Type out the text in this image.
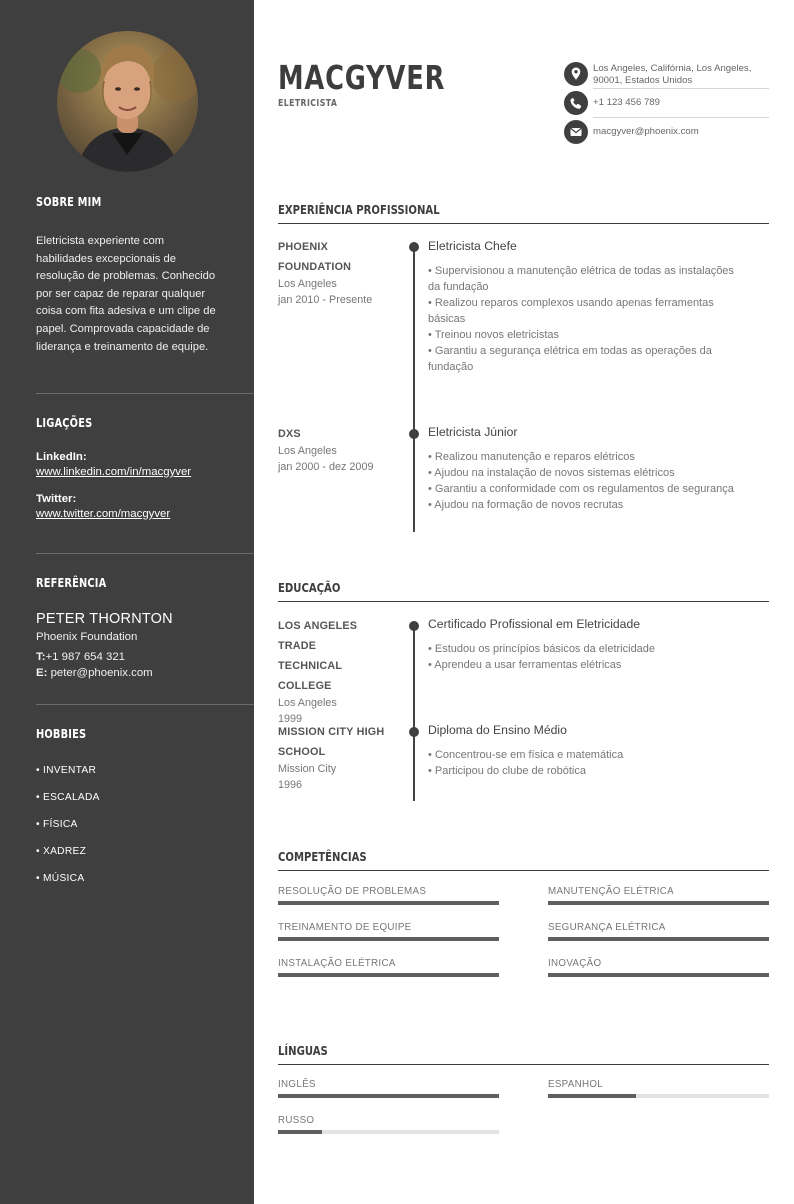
SOBRE MIM

Eletricista experiente com habilidades excepcionais de resolução de problemas. Conhecido por ser capaz de reparar qualquer coisa com fita adesiva e um clipe de papel. Comprovada capacidade de liderança e treinamento de equipe.

LIGAÇÕES
LinkedIn:
www.linkedin.com/in/macgyver
Twitter:
www.twitter.com/macgyver
REFERÊNCIA
PETER THORNTON
Phoenix Foundation
T:+1 987 654 321
E: peter@phoenix.com
HOBBIES
• INVENTAR
• ESCALADA
• FÍSICA
• XADREZ
• MÚSICA
MACGYVER
ELETRICISTA
Los Angeles, Califórnia, Los Angeles,
90001, Estados Unidos
+1 123 456 789
macgyver@phoenix.com
EXPERIÊNCIA PROFISSIONAL
PHOENIX
FOUNDATION
Los Angeles
jan 2010 - Presente
Eletricista Chefe
• Supervisionou a manutenção elétrica de todas as instalações
da fundação
• Realizou reparos complexos usando apenas ferramentas
básicas
• Treinou novos eletricistas
• Garantiu a segurança elétrica em todas as operações da
fundação
DXS
Los Angeles
jan 2000 - dez 2009
Eletricista Júnior
• Realizou manutenção e reparos elétricos
• Ajudou na instalação de novos sistemas elétricos
• Garantiu a conformidade com os regulamentos de segurança
• Ajudou na formação de novos recrutas
EDUCAÇÃO
LOS ANGELES TRADE
TECHNICAL COLLEGE
Los Angeles
1999
Certificado Profissional em Eletricidade
• Estudou os princípios básicos da eletricidade
• Aprendeu a usar ferramentas elétricas
MISSION CITY HIGH
SCHOOL
Mission City
1996
Diploma do Ensino Médio
• Concentrou-se em física e matemática
• Participou do clube de robótica
COMPETÊNCIAS
RESOLUÇÃO DE PROBLEMAS	MANUTENÇÃO ELÉTRICA
TREINAMENTO DE EQUIPE	SEGURANÇA ELÉTRICA
INSTALAÇÃO ELÉTRICA	INOVAÇÃO
LÍNGUAS
INGLÊS	ESPANHOL
RUSSO
